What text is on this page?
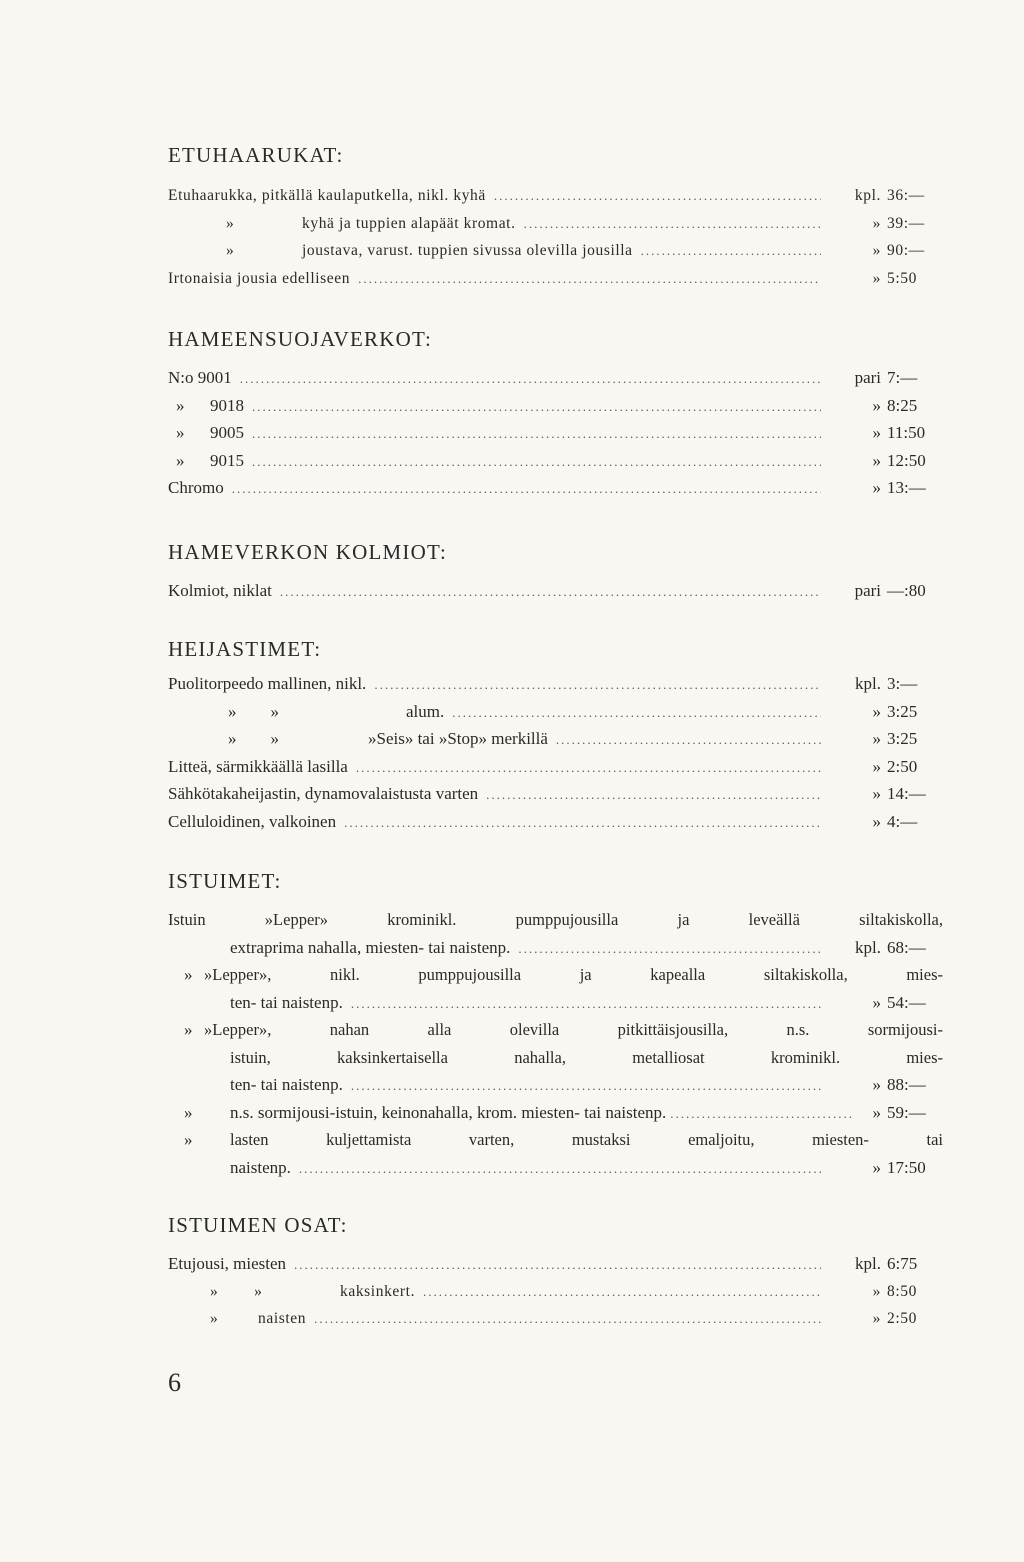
ETUHAARUKAT:
Etuhaarukka, pitkällä kaulaputkella, nikl. kyhä .....	kpl. 36:—
»	kyhä ja tuppien alapäät kromat. .....	» 39:—
»	joustava, varust. tuppien sivussa olevilla jousilla .....	» 90:—
Irtonaisia jousia edelliseen .....	» 5:50
HAMEENSUOJAVERKOT:
N:o 9001 .....	pari 7:—
»	9018 .....	» 8:25
»	9005 .....	» 11:50
»	9015 .....	» 12:50
Chromo .....	» 13:—
HAMEVERKON KOLMIOT:
Kolmiot, niklat .....	pari —:80
HEIJASTIMET:
Puolitorpeedo mallinen, nikl. .....	kpl. 3:—
»        »	alum. .....	» 3:25
»        »	»Seis» tai »Stop» merkillä .....	» 3:25
Litteä, särmikkäällä lasilla .....	» 2:50
Sähkötakaheijastin, dynamovalaistusta varten .....	» 14:—
Celluloidinen, valkoinen .....	» 4:—
ISTUIMET:
Istuin »Lepper» krominikl. pumppujousilla ja leveällä siltakiskolla,
extraprima nahalla, miesten- tai naistenp. .....	kpl. 68:—
» »Lepper», nikl. pumppujousilla ja kapealla siltakiskolla, mies-
ten- tai naistenp. .....	» 54:—
» »Lepper», nahan alla olevilla pitkittäisjousilla, n.s. sormijousi-
istuin, kaksinkertaisella nahalla, metalliosat krominikl. mies-
ten- tai naistenp. .....	» 88:—
»	n.s. sormijousi-istuin, keinonahalla, krom. miesten- tai naistenp. .....	» 59:—
»	lasten kuljettamista varten, mustaksi emaljoitu, miesten- tai
naistenp. .....	» 17:50
ISTUIMEN OSAT:
Etujousi, miesten .....	kpl. 6:75
»        »	kaksinkert. .....	» 8:50
»	naisten .....	» 2:50
6
